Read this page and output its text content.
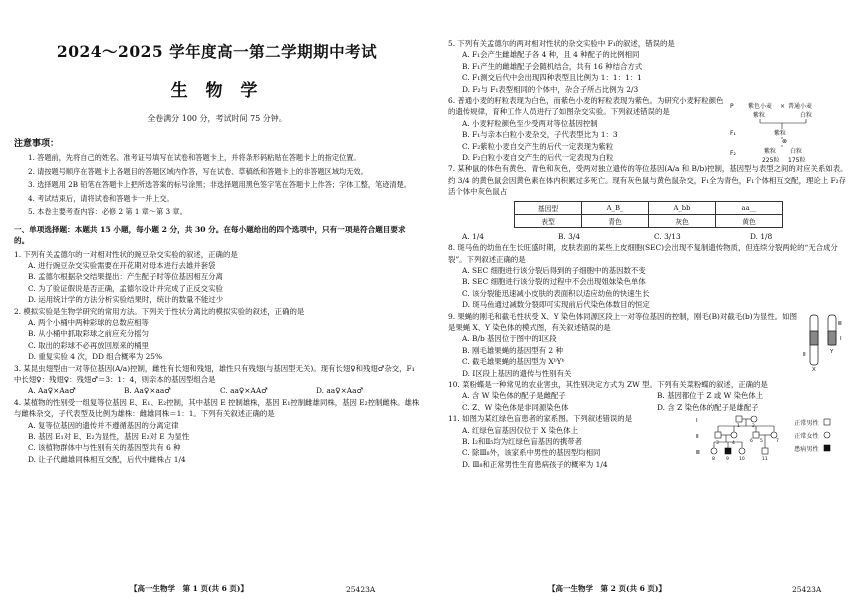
2024～2025 学年度高一第二学期期中考试
生 物 学

全卷满分 100 分，考试时间 75 分钟。

注意事项：

1. 答题前，先将自己的姓名、准考证号填写在试卷和答题卡上，并将条形码粘贴在答题卡上的指定位置。

2. 请按题号顺序在答题卡上各题目的答题区域内作答，写在试卷、草稿纸和答题卡上的非答题区域均无效。

3. 选择题用 2B 铅笔在答题卡上把所选答案的标号涂黑；非选择题用黑色签字笔在答题卡上作答；字体工整，笔迹清楚。

4. 考试结束后，请将试卷和答题卡一并上交。

5. 本卷主要考查内容：必修 2 第 1 章～第 3 章。

一、单项选择题：本题共 15 小题，每小题 2 分，共 30 分。在每小题给出的四个选项中，只有一项是符合题目要求的。

1. 下列有关孟德尔的一对相对性状的豌豆杂交实验的叙述，正确的是

A. 进行豌豆杂交实验需要在开花期对母本进行去雄并套袋

B. 孟德尔根据杂交结果提出：产生配子时等位基因相互分离

C. 为了验证假说是否正确，孟德尔设计并完成了正反交实验

D. 运用统计学的方法分析实验结果时，统计的数量不能过少

2. 模拟实验是生物学研究的常用方法。下列关于性状分离比的模拟实验的叙述，正确的是

A. 两个小桶中两种彩球的总数应相等

B. 从小桶中抓取彩球之前应充分摇匀

C. 取出的彩球不必再放回原来的桶里

D. 重复实验 4 次，DD 组合概率为 25%

3. 某昆虫翅型由一对等位基因(A/a)控制，雌性有长翅和残翅，雄性只有残翅(与基因型无关)。现有长翅♀和残翅♂杂交，F₁中长翅♀：残翅♀：残翅♂＝3：1：4，则亲本的基因型组合是

A. Aa♀×Aa♂	B. Aa♀×aa♂	C. aa♀×AA♂	D. aa♀×Aa♂

4. 某植物的性别受一组复等位基因 E、E₁、E₂控制，其中基因 E 控制雄株，基因 E₁控制雌雄同株，基因 E₂控制雌株。雄株与雌株杂交，子代表型及比例为雄株：雌雄同株＝1：1。下列有关叙述正确的是

A. 复等位基因的遗传并不遵循基因的分离定律

B. 基因 E₁对 E、E₂为显性，基因 E₂对 E 为显性

C. 该植物群体中与性别有关的基因型共有 6 种

D. 让子代雌雄同株相互交配，后代中雌株占 1/4

【高一生物学　第 1 页(共 6 页)】	25423A

5. 下列有关孟德尔的两对相对性状的杂交实验中 F₁的叙述，错误的是

A. F₁会产生雌雄配子各 4 种，且 4 种配子的比例相同

B. F₁产生的雌雄配子会随机结合，共有 16 种结合方式

C. F₁测交后代中会出现四种表型且比例为 1：1：1：1

D. F₂与 F₁表型相同的个体中，杂合子所占比例为 2/3

6. 普通小麦的籽粒表现为白色，而紫色小麦的籽粒表现为紫色。为研究小麦籽粒颜色的遗传规律，育种工作人员进行了如图杂交实验。下列叙述错误的是

A. 小麦籽粒颜色至少受两对等位基因控制

B. F₁与亲本白粒小麦杂交，子代表型比为 1：3

C. F₂紫粒小麦自交产生的后代一定表现为紫粒

D. F₂白粒小麦自交产生的后代一定表现为白粒

P 紫色小麦 × 普通小麦
紫粒	白粒
F₁	紫粒
⊗
F₂	紫粒 白粒
225粒 175粒

7. 某种鼠的体色有黄色、青色和灰色，受两对独立遗传的等位基因(A/a 和 B/b)控制，基因型与表型之间的对应关系如表。约 3/4 的黄色鼠会因黄色素在体内积累过多死亡。现有灰色鼠与黄色鼠杂交，F₁全为青色，F₁个体相互交配，理论上 F₂存活个体中灰色鼠占

基因型	A_B_	A_bb	aa__
表型	青色	灰色	黄色
A. 1/4	B. 3/4	C. 3/13	D. 1/8

8. 斑马鱼的幼鱼在生长旺盛时期，皮肤表面的某些上皮细胞(SEC)会出现不复制遗传物质，但连续分裂两轮的“无合成分裂”。下列叙述正确的是

A. SEC 细胞进行该分裂后得到的子细胞中的基因数不变

B. SEC 细胞进行该分裂的过程中不会出现姐妹染色单体

C. 该分裂能迅速减小皮肤的表面积以适应幼鱼的快速生长

D. 斑马鱼通过减数分裂即可实现前后代染色体数目的恒定

9. 果蝇的刚毛和截毛性状受 X、Y 染色体同源区段上一对等位基因的控制，刚毛(B)对截毛(b)为显性。如图是果蝇 X、Y 染色体的模式图，有关叙述错误的是

A. B/b 基因位于图中的Ⅰ区段

B. 刚毛雄果蝇的基因型有 2 种

C. 截毛雄果蝇的基因型为 XᵇYᵇ

D. Ⅰ区段上基因的遗传与性别有关

Ⅲ
Ⅰ
Ⅱ
X
Y

10. 菜粉蝶是一种常见的农业害虫，其性别决定方式为 ZW 型。下列有关菜粉蝶的叙述，正确的是

A. 含 W 染色体的配子是雌配子	B. 基因都位于 Z 或 W 染色体上
C. Z、W 染色体是非同源染色体	D. 含 Z 染色体的配子是雄配子

11. 如图为某红绿色盲患者的家系图。下列叙述错误的是

A. 红绿色盲基因仅位于 X 染色体上

B. Ⅰ₂和Ⅱ₅均为红绿色盲基因的携带者

C. 除Ⅲ₈外，该家系中男性的基因型均相同

D. Ⅲ₈和正常男性生育患病孩子的概率为 1/4

Ⅰ
Ⅱ
Ⅲ
1	2
3	4	5
6	7
8 9 10	11
正常男性
正常女性
患病男性
【高一生物学　第 2 页(共 6 页)】	25423A
